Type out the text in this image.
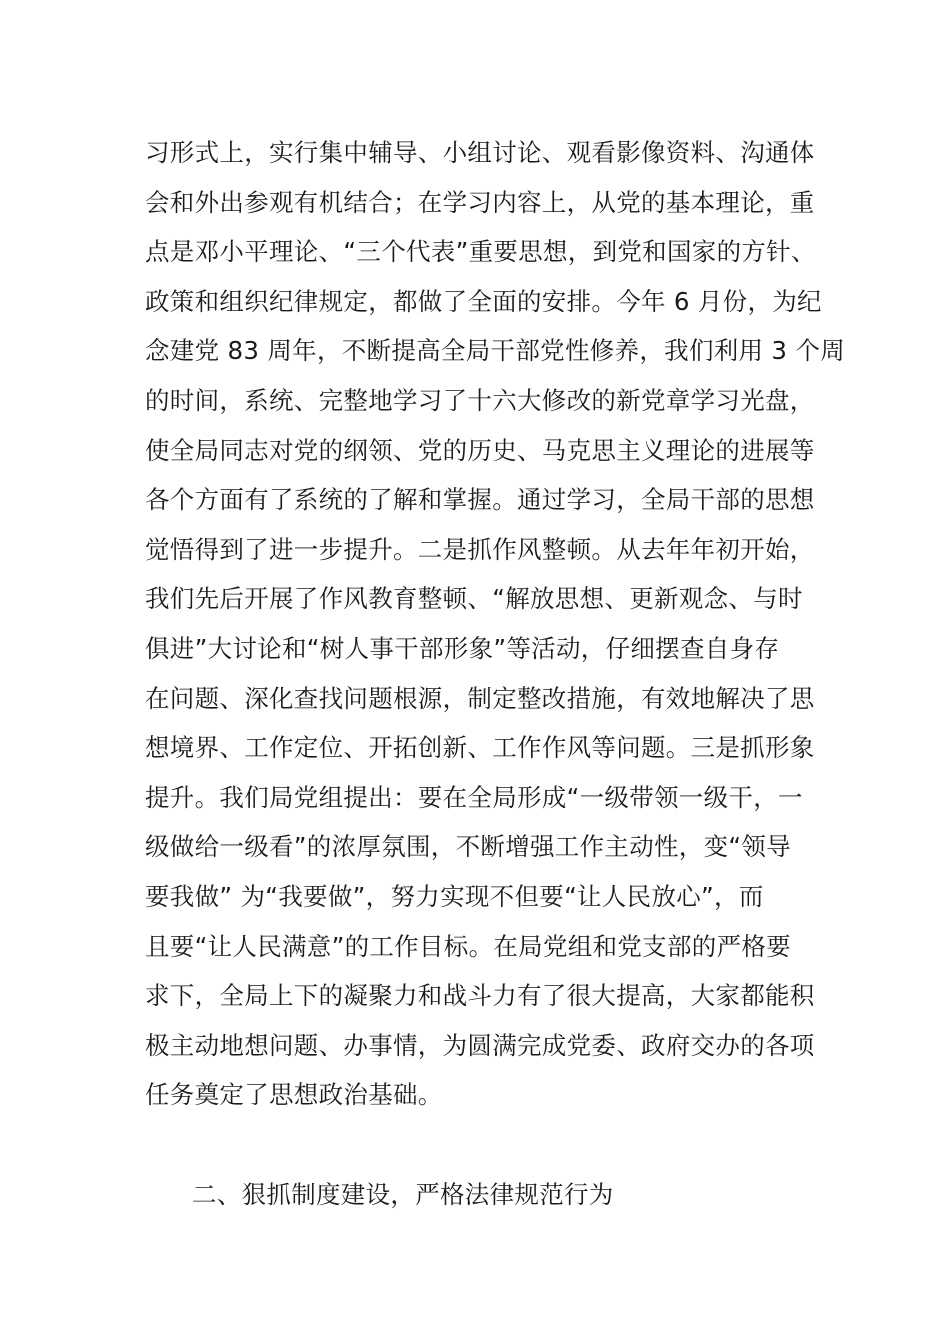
习形式上，实行集中辅导、小组讨论、观看影像资料、沟通体
会和外出参观有机结合；在学习内容上，从党的基本理论，重
点是邓小平理论、“三个代表”重要思想，到党和国家的方针、
政策和组织纪律规定，都做了全面的安排。今年 6 月份，为纪
念建党 83 周年，不断提高全局干部党性修养，我们利用 3 个周
的时间，系统、完整地学习了十六大修改的新党章学习光盘，
使全局同志对党的纲领、党的历史、马克思主义理论的进展等
各个方面有了系统的了解和掌握。通过学习，全局干部的思想
觉悟得到了进一步提升。二是抓作风整顿。从去年年初开始，
我们先后开展了作风教育整顿、“解放思想、更新观念、与时
俱进”大讨论和“树人事干部形象”等活动，仔细摆查自身存
在问题、深化查找问题根源，制定整改措施，有效地解决了思
想境界、工作定位、开拓创新、工作作风等问题。三是抓形象
提升。我们局党组提出：要在全局形成“一级带领一级干，一
级做给一级看”的浓厚氛围，不断增强工作主动性，变“领导
要我做” 为“我要做”，努力实现不但要“让人民放心”，而
且要“让人民满意”的工作目标。在局党组和党支部的严格要
求下，全局上下的凝聚力和战斗力有了很大提高，大家都能积
极主动地想问题、办事情，为圆满完成党委、政府交办的各项
任务奠定了思想政治基础。
二、狠抓制度建设，严格法律规范行为
